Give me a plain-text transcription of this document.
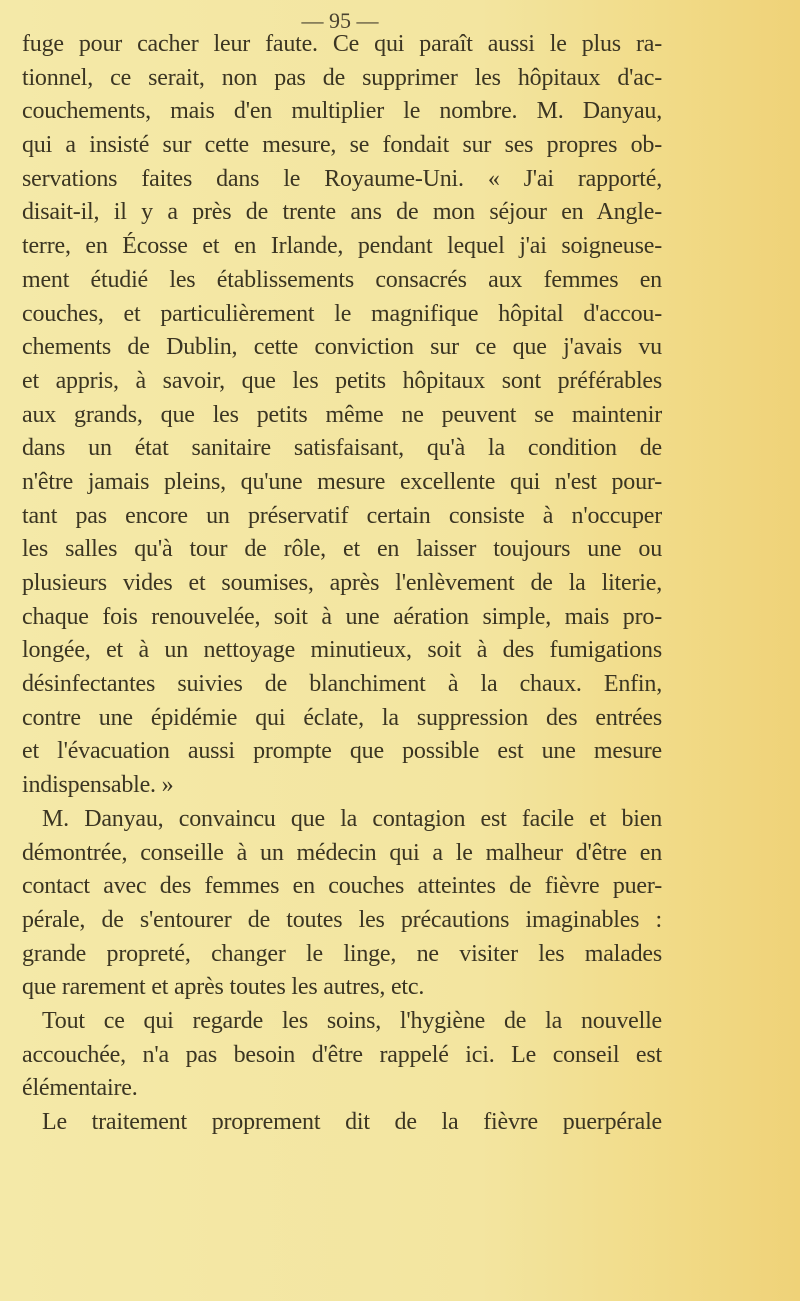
— 95 —
fuge pour cacher leur faute. Ce qui paraît aussi le plus ra-
tionnel, ce serait, non pas de supprimer les hôpitaux d'ac-
couchements, mais d'en multiplier le nombre. M. Danyau,
qui a insisté sur cette mesure, se fondait sur ses propres ob-
servations faites dans le Royaume-Uni. « J'ai rapporté,
disait-il, il y a près de trente ans de mon séjour en Angle-
terre, en Écosse et en Irlande, pendant lequel j'ai soigneuse-
ment étudié les établissements consacrés aux femmes en
couches, et particulièrement le magnifique hôpital d'accou-
chements de Dublin, cette conviction sur ce que j'avais vu
et appris, à savoir, que les petits hôpitaux sont préférables
aux grands, que les petits même ne peuvent se maintenir
dans un état sanitaire satisfaisant, qu'à la condition de
n'être jamais pleins, qu'une mesure excellente qui n'est pour-
tant pas encore un préservatif certain consiste à n'occuper
les salles qu'à tour de rôle, et en laisser toujours une ou
plusieurs vides et soumises, après l'enlèvement de la literie,
chaque fois renouvelée, soit à une aération simple, mais pro-
longée, et à un nettoyage minutieux, soit à des fumigations
désinfectantes suivies de blanchiment à la chaux. Enfin,
contre une épidémie qui éclate, la suppression des entrées
et l'évacuation aussi prompte que possible est une mesure
indispensable. »
M. Danyau, convaincu que la contagion est facile et bien
démontrée, conseille à un médecin qui a le malheur d'être en
contact avec des femmes en couches atteintes de fièvre puer-
pérale, de s'entourer de toutes les précautions imaginables :
grande propreté, changer le linge, ne visiter les malades
que rarement et après toutes les autres, etc.
Tout ce qui regarde les soins, l'hygiène de la nouvelle
accouchée, n'a pas besoin d'être rappelé ici. Le conseil est
élémentaire.
Le traitement proprement dit de la fièvre puerpérale
